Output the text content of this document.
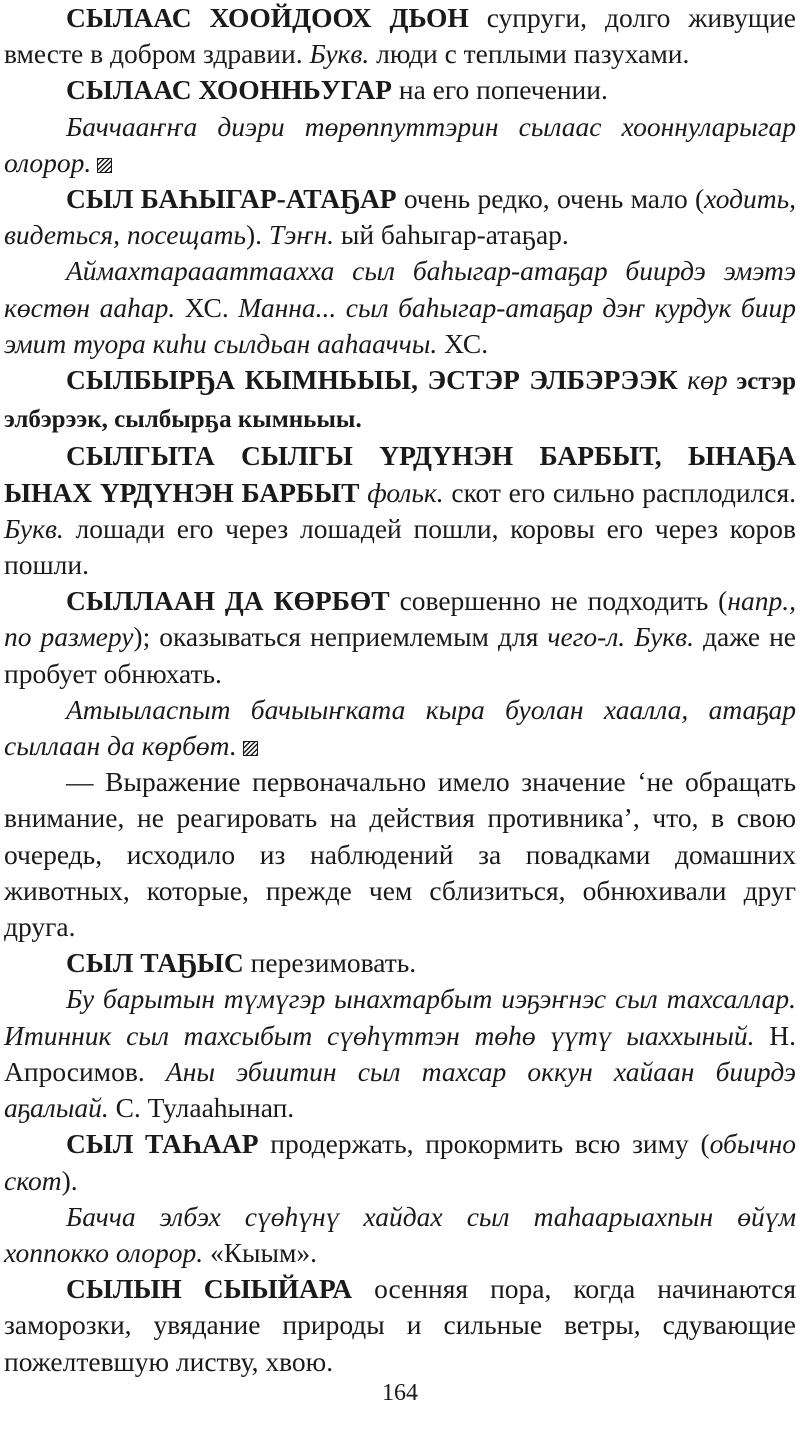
СЫЛААС ХООЙДООХ ДЬОН супруги, долго живущие вместе в добром здравии. Букв. люди с теплыми пазухами.

СЫЛААС ХООННЬУГАР на его попечении.

Баччааҥҥа диэри төрөппуттэрин сылаас хооннуларыгар олорор.

СЫЛ БАҺЫГАР-АТАҔАР очень редко, очень мало (ходить, видеться, посещать). Тэҥн. ый баһыгар-атаҕар.

Аймахтараааттаахха сыл баһыгар-атаҕар биирдэ эмэтэ көстөн ааһар. ХС. Манна... сыл баһыгар-атаҕар дэҥ курдук биир эмит туора киһи сылдьан ааһааччы. ХС.

СЫЛБЫРҔА КЫМНЬЫЫ, ЭСТЭР ЭЛБЭРЭЭК көр эстэр элбэрээк, сылбырҕа кымньыы.

СЫЛГЫТА СЫЛГЫ ҮРДҮНЭН БАРБЫТ, ЫНАҔА ЫНАХ ҮРДҮНЭН БАРБЫТ фольк. скот его сильно расплодился. Букв. лошади его через лошадей пошли, коровы его через коров пошли.

СЫЛЛААН ДА КӨРБӨТ совершенно не подходить (напр., по размеру); оказываться неприемлемым для чего-л. Букв. даже не пробует обнюхать.

Атыыласпыт бачыыҥката кыра буолан хаалла, атаҕар сыллаан да көрбөт.

— Выражение первоначально имело значение ‘не обращать внимание, не реагировать на действия противника’, что, в свою очередь, исходило из наблюдений за повадками домашних животных, которые, прежде чем сблизиться, обнюхивали друг друга.

СЫЛ ТАҔЫС перезимовать.

Бу барытын түмүгэр ынахтарбыт иэҕэҥнэс сыл тахсаллар. Итинник сыл тахсыбыт сүөһүттэн төһө үүтү ыаххыный. Н. Апросимов. Аны эбиитин сыл тахсар оккун хайаан биирдэ аҕалыай. С. Тулааһынап.

СЫЛ ТАҺААР продержать, прокормить всю зиму (обычно скот).

Баччa элбэх сүөһүнү хайдах сыл таһаарыахпын өйүм хоппокко олорор. «Кыым».

СЫЛЫН СЫЫЙАРА осенняя пора, когда начинаются заморозки, увядание природы и сильные ветры, сдувающие пожелтевшую листву, хвою.

164
